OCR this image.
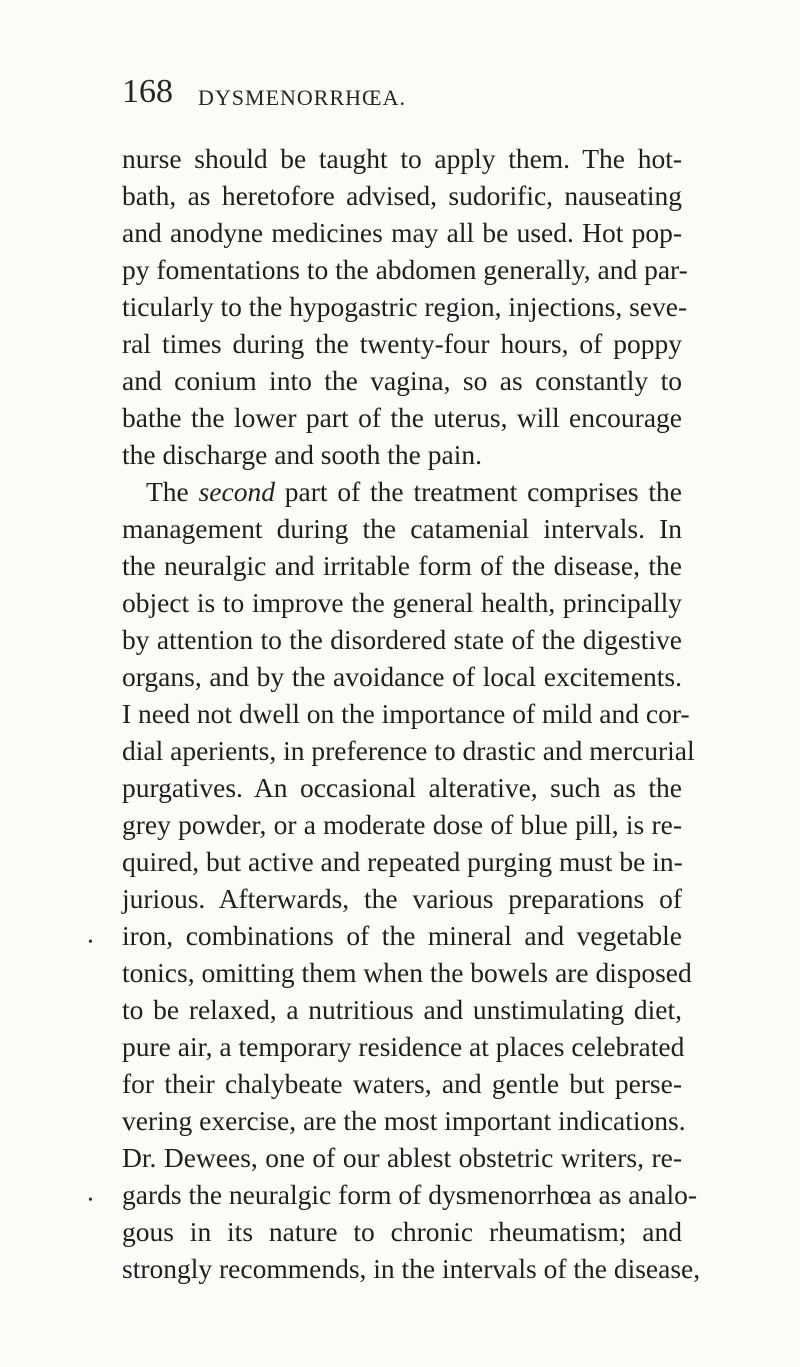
168 DYSMENORRHŒA.
nurse should be taught to apply them. The hot-
bath, as heretofore advised, sudorific, nauseating
and anodyne medicines may all be used. Hot pop-
py fomentations to the abdomen generally, and par-
ticularly to the hypogastric region, injections, seve-
ral times during the twenty-four hours, of poppy
and conium into the vagina, so as constantly to
bathe the lower part of the uterus, will encourage
the discharge and sooth the pain.
The second part of the treatment comprises the
management during the catamenial intervals. In
the neuralgic and irritable form of the disease, the
object is to improve the general health, principally
by attention to the disordered state of the digestive
organs, and by the avoidance of local excitements.
I need not dwell on the importance of mild and cor-
dial aperients, in preference to drastic and mercurial
purgatives. An occasional alterative, such as the
grey powder, or a moderate dose of blue pill, is re-
quired, but active and repeated purging must be in-
jurious. Afterwards, the various preparations of
iron, combinations of the mineral and vegetable
tonics, omitting them when the bowels are disposed
to be relaxed, a nutritious and unstimulating diet,
pure air, a temporary residence at places celebrated
for their chalybeate waters, and gentle but perse-
vering exercise, are the most important indications.
Dr. Dewees, one of our ablest obstetric writers, re-
gards the neuralgic form of dysmenorrhœa as analo-
gous in its nature to chronic rheumatism; and
strongly recommends, in the intervals of the disease,
•
•
